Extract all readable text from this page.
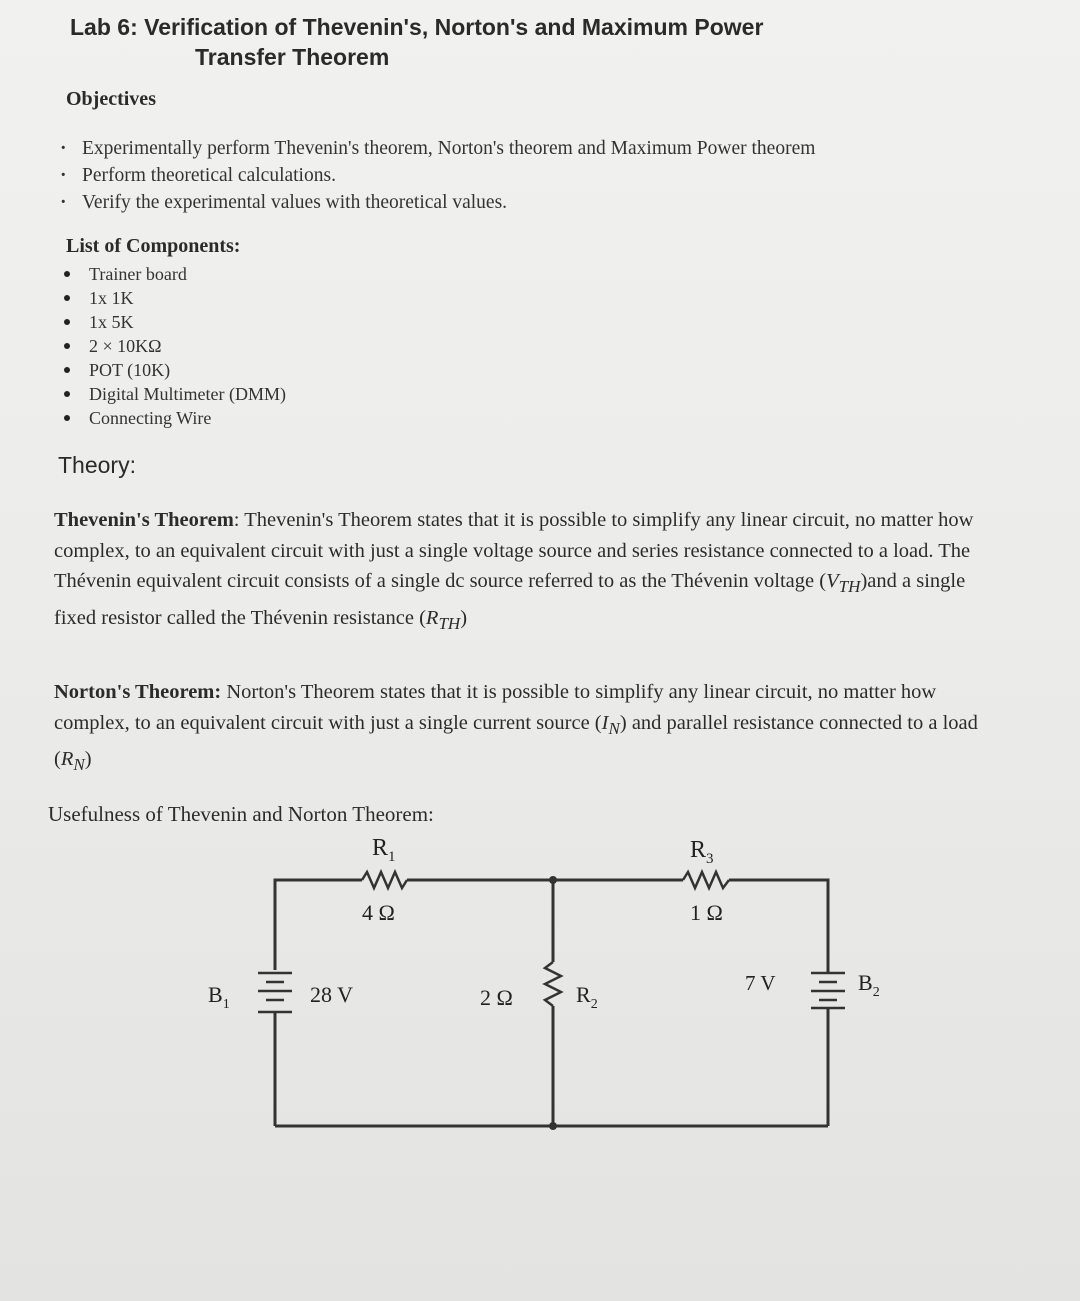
Lab 6: Verification of Thevenin's, Norton's and Maximum Power
Transfer Theorem
Objectives
· Experimentally perform Thevenin's theorem, Norton's theorem and Maximum Power theorem
· Perform theoretical calculations.
· Verify the experimental values with theoretical values.
List of Components:
Trainer board
1x 1K
1x 5K
2 × 10KΩ
POT (10K)
Digital Multimeter (DMM)
Connecting Wire
Theory:

Thevenin's Theorem: Thevenin's Theorem states that it is possible to simplify any linear circuit, no matter how complex, to an equivalent circuit with just a single voltage source and series resistance connected to a load. The Thévenin equivalent circuit consists of a single dc source referred to as the Thévenin voltage $(V_{TH})and$ a single fixed resistor called the Thévenin resistance $(R_{TH})$

Norton's Theorem: Norton's Theorem states that it is possible to simplify any linear circuit, no matter how complex, to an equivalent circuit with just a single current source $(I_N)$ and parallel resistance connected to a load $(R_N)$

Usefulness of Thevenin and Norton Theorem:
$R_1$
4 Ω
$R_3$
1 Ω
2 Ω	$R_2$
$B_1$	28 V	7 V	$B_2$
